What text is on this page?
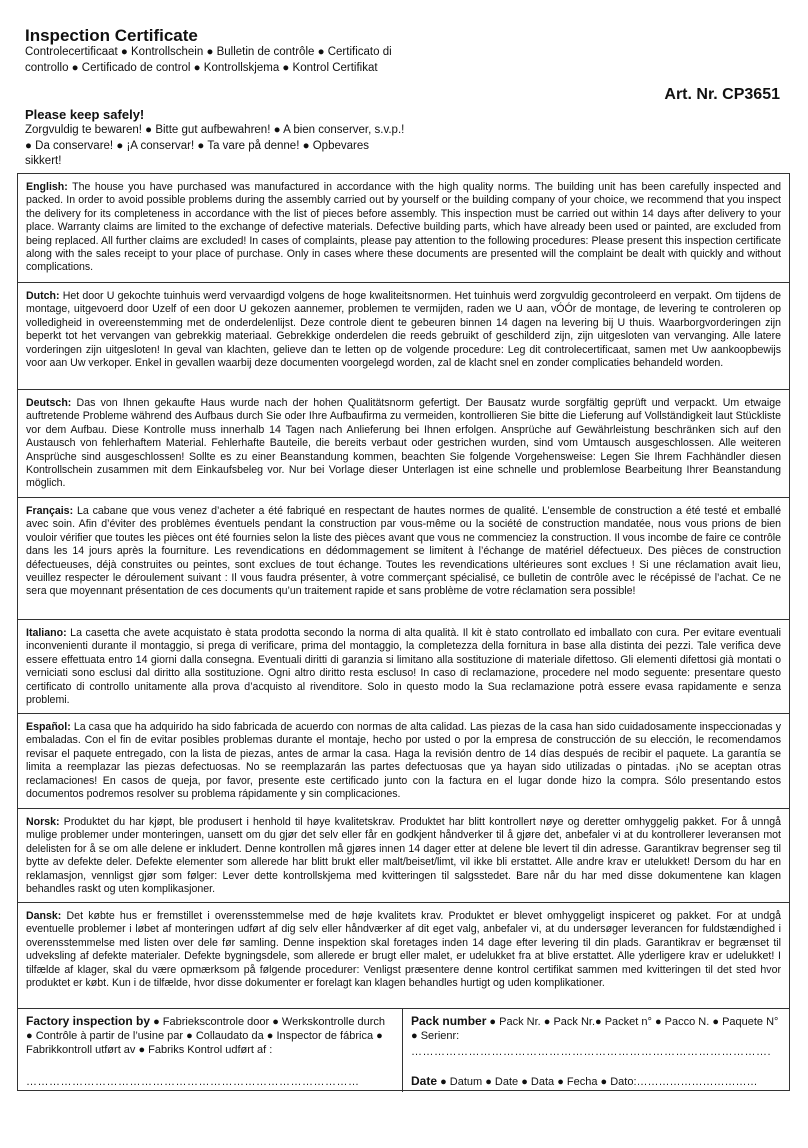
Inspection Certificate

Controlecertificaat ● Kontrollschein ● Bulletin de contrôle ● Certificato di controllo ● Certificado de control ● Kontrollskjema ● Kontrol Certifikat

Art. Nr. CP3651

Please keep safely!

Zorgvuldig te bewaren! ● Bitte gut aufbewahren! ● A bien conserver, s.v.p.! ● Da conservare! ● ¡A conservar! ● Ta vare på denne! ● Opbevares sikkert!

English: The house you have purchased was manufactured in accordance with the high quality norms. The building unit has been carefully inspected and packed. In order to avoid possible problems during the assembly carried out by yourself or the building company of your choice, we recommend that you inspect the delivery for its completeness in accordance with the list of pieces before assembly. This inspection must be carried out within 14 days after delivery to your place. Warranty claims are limited to the exchange of defective materials. Defective building parts, which have already been used or painted, are excluded from being replaced. All further claims are excluded! In cases of complaints, please pay attention to the following procedures: Please present this inspection certificate along with the sales receipt to your place of purchase. Only in cases where these documents are presented will the complaint be dealt with quickly and without complications.
Dutch: Het door U gekochte tuinhuis werd vervaardigd volgens de hoge kwaliteitsnormen. Het tuinhuis werd zorgvuldig gecontroleerd en verpakt. Om tijdens de montage, uitgevoerd door Uzelf of een door U gekozen aannemer, problemen te vermijden, raden we U aan, vÓÓr de montage, de levering te controleren op volledigheid in overeenstemming met de onderdelenlijst. Deze controle dient te gebeuren binnen 14 dagen na levering bij U thuis. Waarborgvorderingen zijn beperkt tot het vervangen van gebrekkig materiaal. Gebrekkige onderdelen die reeds gebruikt of geschilderd zijn, zijn uitgesloten van vervanging. Alle latere vorderingen zijn uitgesloten! In geval van klachten, gelieve dan te letten op de volgende procedure: Leg dit controlecertificaat, samen met Uw aankoopbewijs voor aan Uw verkoper. Enkel in gevallen waarbij deze documenten voorgelegd worden, zal de klacht snel en zonder complicaties behandeld worden.
Deutsch: Das von Ihnen gekaufte Haus wurde nach der hohen Qualitätsnorm gefertigt. Der Bausatz wurde sorgfältig geprüft und verpackt. Um etwaige auftretende Probleme während des Aufbaus durch Sie oder Ihre Aufbaufirma zu vermeiden, kontrollieren Sie bitte die Lieferung auf Vollständigkeit laut Stückliste vor dem Aufbau. Diese Kontrolle muss innerhalb 14 Tagen nach Anlieferung bei Ihnen erfolgen. Ansprüche auf Gewährleistung beschränken sich auf den Austausch von fehlerhaftem Material. Fehlerhafte Bauteile, die bereits verbaut oder gestrichen wurden, sind vom Umtausch ausgeschlossen. Alle weiteren Ansprüche sind ausgeschlossen! Sollte es zu einer Beanstandung kommen, beachten Sie folgende Vorgehensweise: Legen Sie Ihrem Fachhändler diesen Kontrollschein zusammen mit dem Einkaufsbeleg vor. Nur bei Vorlage dieser Unterlagen ist eine schnelle und problemlose Bearbeitung Ihrer Beanstandung möglich.
Français: La cabane que vous venez d’acheter a été fabriqué en respectant de hautes normes de qualité. L’ensemble de construction a été testé et emballé avec soin. Afin d’éviter des problèmes éventuels pendant la construction par vous-même ou la société de construction mandatée, nous vous prions de bien vouloir vérifier que toutes les pièces ont été fournies selon la liste des pièces avant que vous ne commenciez la construction. Il vous incombe de faire ce contrôle dans les 14 jours après la fourniture. Les revendications en dédommagement se limitent à l’échange de matériel défectueux. Des pièces de construction défectueuses, déjà construites ou peintes, sont exclues de tout échange. Toutes les revendications ultérieures sont exclues ! Si une réclamation avait lieu, veuillez respecter le déroulement suivant : Il vous faudra présenter, à votre commerçant spécialisé, ce bulletin de contrôle avec le récépissé de l’achat. Ce ne sera que moyennant présentation de ces documents qu’un traitement rapide et sans problème de votre réclamation sera possible!
Italiano: La casetta che avete acquistato è stata prodotta secondo la norma di alta qualità. Il kit è stato controllato ed imballato con cura. Per evitare eventuali inconvenienti durante il montaggio, si prega di verificare, prima del montaggio, la completezza della fornitura in base alla distinta dei pezzi. Tale verifica deve essere effettuata entro 14 giorni dalla consegna. Eventuali diritti di garanzia si limitano alla sostituzione di materiale difettoso. Gli elementi difettosi già montati o verniciati sono esclusi dal diritto alla sostituzione. Ogni altro diritto resta escluso! In caso di reclamazione, procedere nel modo seguente: presentare questo certificato di controllo unitamente alla prova d’acquisto al rivenditore. Solo in questo modo la Sua reclamazione potrà essere evasa rapidamente e senza problemi.
Español: La casa que ha adquirido ha sido fabricada de acuerdo con normas de alta calidad. Las piezas de la casa han sido cuidadosamente inspeccionadas y embaladas. Con el fin de evitar posibles problemas durante el montaje, hecho por usted o por la empresa de construcción de su elección, le recomendamos revisar el paquete entregado, con la lista de piezas, antes de armar la casa. Haga la revisión dentro de 14 días después de recibir el paquete. La garantía se limita a reemplazar las piezas defectuosas. No se reemplazarán las partes defectuosas que ya hayan sido utilizadas o pintadas. ¡No se aceptan otras reclamaciones! En casos de queja, por favor, presente este certificado junto con la factura en el lugar donde hizo la compra. Sólo presentando estos documentos podremos resolver su problema rápidamente y sin complicaciones.
Norsk: Produktet du har kjøpt, ble produsert i henhold til høye kvalitetskrav. Produktet har blitt kontrollert nøye og deretter omhyggelig pakket. For å unngå mulige problemer under monteringen, uansett om du gjør det selv eller får en godkjent håndverker til å gjøre det, anbefaler vi at du kontrollerer leveransen mot delelisten for å se om alle delene er inkludert. Denne kontrollen må gjøres innen 14 dager etter at delene ble levert til din adresse. Garantikrav begrenser seg til bytte av defekte deler. Defekte elementer som allerede har blitt brukt eller malt/beiset/limt, vil ikke bli erstattet. Alle andre krav er utelukket! Dersom du har en reklamasjon, vennligst gjør som følger: Lever dette kontrollskjema med kvitteringen til salgsstedet. Bare når du har med disse dokumentene kan klagen behandles raskt og uten komplikasjoner.
Dansk: Det købte hus er fremstillet i overensstemmelse med de høje kvalitets krav. Produktet er blevet omhyggeligt inspiceret og pakket. For at undgå eventuelle problemer i løbet af monteringen udført af dig selv eller håndværker af dit eget valg, anbefaler vi, at du undersøger leverancen for fuldstændighed i overensstemmelse med listen over dele før samling. Denne inspektion skal foretages inden 14 dage efter levering til din plads. Garantikrav er begrænset til udveksling af defekte materialer. Defekte bygningsdele, som allerede er brugt eller malet, er udelukket fra at blive erstattet. Alle yderligere krav er udelukket! I tilfælde af klager, skal du være opmærksom på følgende procedurer: Venligst præsentere denne kontrol certifikat sammen med kvitteringen til det sted hvor produktet er købt. Kun i de tilfælde, hvor disse dokumenter er forelagt kan klagen behandles hurtigt og uden komplikationer.
Factory inspection by ● Fabriekscontrole door ● Werkskontrolle durch ● Contrôle à partir de l’usine par ● Collaudato da ● Inspector de fábrica ● Fabrikkontroll utført av ● Fabriks Kontrol udført af :
……………………………………………………………………………
Pack number ● Pack Nr. ● Pack Nr.● Packet n° ● Pacco N. ● Paquete N° ● Serienr:
………………………………………………………………………………….
Date ● Datum ● Date ● Data ● Fecha ● Dato:……………………………
